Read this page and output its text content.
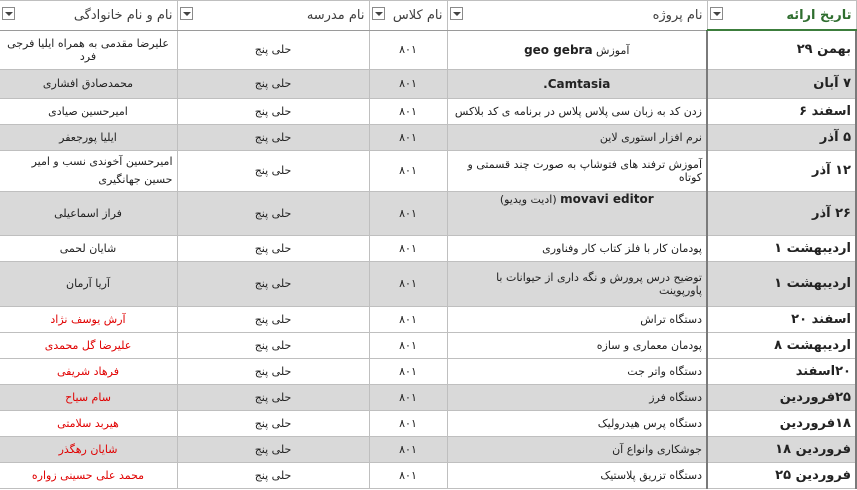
تاریخ ارائه	نام پروژه	نام کلاس	نام مدرسه	نام و نام خانوادگی

بهمن ۲۹	آموزش geo gebra	۸۰۱	حلی پنج	علیرضا مقدمی به همراه ایلیا فرجی فرد
۷ آبان	Camtasia.	۸۰۱	حلی پنج	محمدصادق افشاری
اسفند ۶	زدن کد به زبان سی پلاس پلاس در برنامه ی کد بلاکس	۸۰۱	حلی پنج	امیرحسین صیادی
۵ آذر	نرم افزار استوری لاین	۸۰۱	حلی پنج	ایلیا پورجعفر
۱۲ آذر	آموزش ترفند های فتوشاپ به صورت چند قسمتی و کوتاه	۸۰۱	حلی پنج	امیرحسین آخوندی نسب و امیر حسین جهانگیری
۲۶ آذر	movavi editor (ادیت ویدیو)	۸۰۱	حلی پنج	فراز اسماعیلی
اردیبهشت ۱	پودمان کار با فلز کتاب کار وفناوری	۸۰۱	حلی پنج	شایان لحمی
اردیبهشت ۱	توضیح درس پرورش و نگه داری از حیوانات با پاورپوینت	۸۰۱	حلی پنج	آریا آرمان
اسفند ۲۰	دستگاه تراش	۸۰۱	حلی پنج	آرش یوسف نژاد
اردیبهشت ۸	پودمان معماری و سازه	۸۰۱	حلی پنج	علیرضا گل محمدی
۲۰اسفند	دستگاه واتر جت	۸۰۱	حلی پنج	فرهاد شریفی
۲۵فروردین	دستگاه فرز	۸۰۱	حلی پنج	سام سیاح
۱۸فروردین	دستگاه پرس هیدرولیک	۸۰۱	حلی پنج	هیربد سلامتی
فروردین ۱۸	جوشکاری وانواع آن	۸۰۱	حلی پنج	شایان رهگذر
فروردین ۲۵	دستگاه تزریق پلاستیک	۸۰۱	حلی پنج	محمد علی حسینی زواره
